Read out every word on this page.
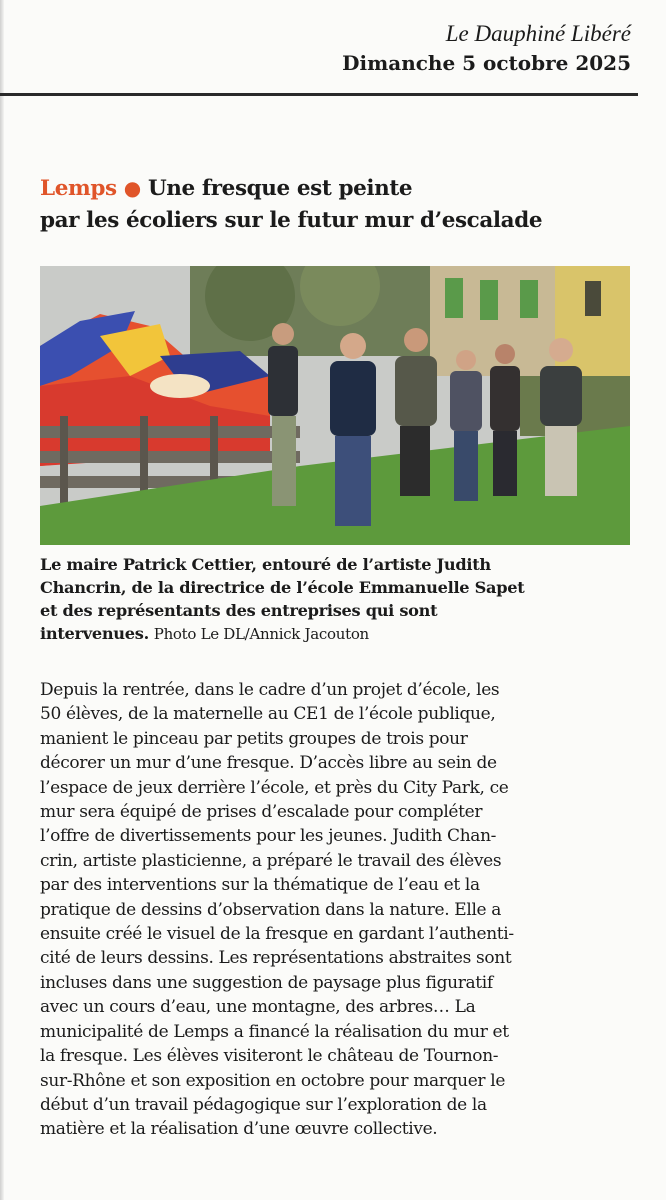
Le Dauphiné Libéré
Dimanche 5 octobre 2025
Lemps ● Une fresque est peinte
par les écoliers sur le futur mur d’escalade
Le maire Patrick Cettier, entouré de l’artiste Judith
Chancrin, de la directrice de l’école Emmanuelle Sapet
et des représentants des entreprises qui sont
intervenues. Photo Le DL/Annick Jacouton
Depuis la rentrée, dans le cadre d’un projet d’école, les
50 élèves, de la maternelle au CE1 de l’école publique,
manient le pinceau par petits groupes de trois pour
décorer un mur d’une fresque. D’accès libre au sein de
l’espace de jeux derrière l’école, et près du City Park, ce
mur sera équipé de prises d’escalade pour compléter
l’offre de divertissements pour les jeunes. Judith Chan-
crin, artiste plasticienne, a préparé le travail des élèves
par des interventions sur la thématique de l’eau et la
pratique de dessins d’observation dans la nature. Elle a
ensuite créé le visuel de la fresque en gardant l’authenti-
cité de leurs dessins. Les représentations abstraites sont
incluses dans une suggestion de paysage plus figuratif
avec un cours d’eau, une montagne, des arbres… La
municipalité de Lemps a financé la réalisation du mur et
la fresque. Les élèves visiteront le château de Tournon-
sur-Rhône et son exposition en octobre pour marquer le
début d’un travail pédagogique sur l’exploration de la
matière et la réalisation d’une œuvre collective.
